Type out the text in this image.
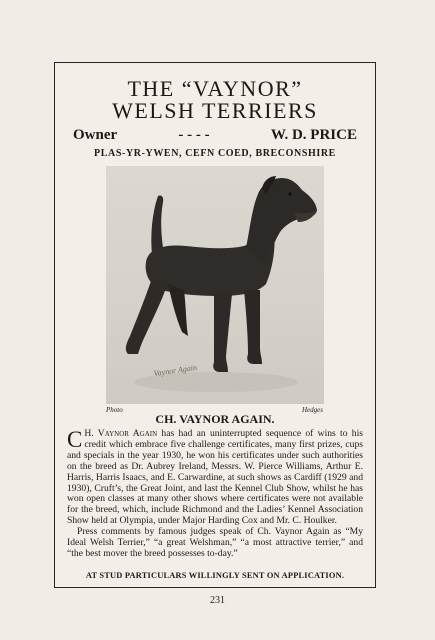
THE “VAYNOR”
WELSH TERRIERS
Owner	- - - -	W. D. PRICE
PLAS-YR-YWEN, CEFN COED, BRECONSHIRE
Vaynor Again
Photo	Hedges
CH. VAYNOR AGAIN.

C H. Vaynor Again has had an uninterrupted sequence of wins to his credit which embrace five challenge certificates, many first prizes, cups and specials in the year 1930, he won his certificates under such authorities on the breed as Dr. Aubrey Ireland, Messrs. W. Pierce Williams, Arthur E. Harris, Harris Isaacs, and E. Carwardine, at such shows as Cardiff (1929 and 1930), Cruft’s, the Great Joint, and last the Kennel Club Show, whilst he has won open classes at many other shows where certificates were not available for the breed, which, include Richmond and the Ladies’ Kennel Association Show held at Olympia, under Major Harding Cox and Mr. C. Houlker.

Press comments by famous judges speak of Ch. Vaynor Again as “My Ideal Welsh Terrier,” “a great Welshman,” “a most attractive terrier,” and “the best mover the breed possesses to-day.”

AT STUD PARTICULARS WILLINGLY SENT ON APPLICATION.
231
